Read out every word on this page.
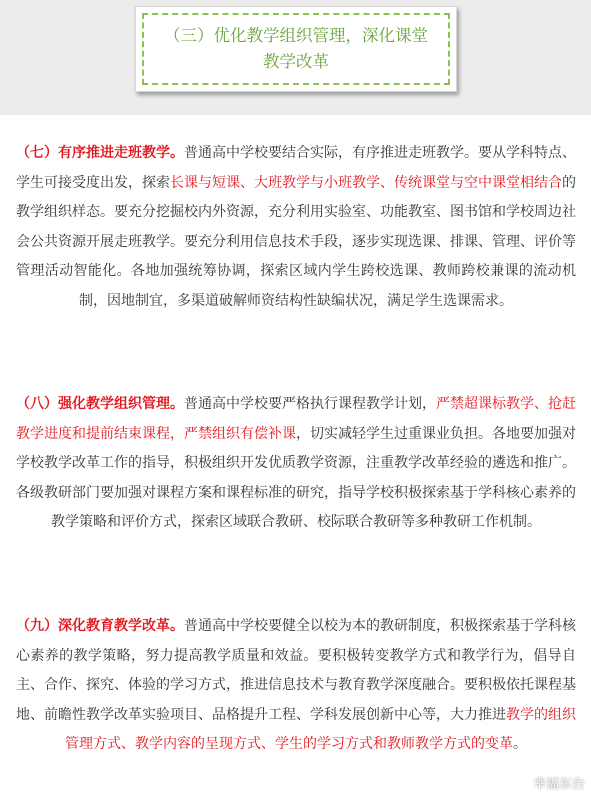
（三）优化教学组织管理，深化课堂教学改革
（七）有序推进走班教学。普通高中学校要结合实际，有序推进走班教学。要从学科特点、学生可接受度出发，探索长课与短课、大班教学与小班教学、传统课堂与空中课堂相结合的教学组织样态。要充分挖掘校内外资源，充分利用实验室、功能教室、图书馆和学校周边社会公共资源开展走班教学。要充分利用信息技术手段，逐步实现选课、排课、管理、评价等管理活动智能化。各地加强统筹协调，探索区域内学生跨校选课、教师跨校兼课的流动机制，因地制宜，多渠道破解师资结构性缺编状况，满足学生选课需求。
（八）强化教学组织管理。普通高中学校要严格执行课程教学计划，严禁超课标教学、抢赶教学进度和提前结束课程，严禁组织有偿补课，切实减轻学生过重课业负担。各地要加强对学校教学改革工作的指导，积极组织开发优质教学资源，注重教学改革经验的遴选和推广。各级教研部门要加强对课程方案和课程标准的研究，指导学校积极探索基于学科核心素养的教学策略和评价方式，探索区域联合教研、校际联合教研等多种教研工作机制。
（九）深化教育教学改革。普通高中学校要健全以校为本的教研制度，积极探索基于学科核心素养的教学策略，努力提高教学质量和效益。要积极转变教学方式和教学行为，倡导自主、合作、探究、体验的学习方式，推进信息技术与教育教学深度融合。要积极依托课程基地、前瞻性教学改革实验项目、品格提升工程、学科发展创新中心等，大力推进教学的组织管理方式、教学内容的呈现方式、学生的学习方式和教师教学方式的变革。
幸福东台
